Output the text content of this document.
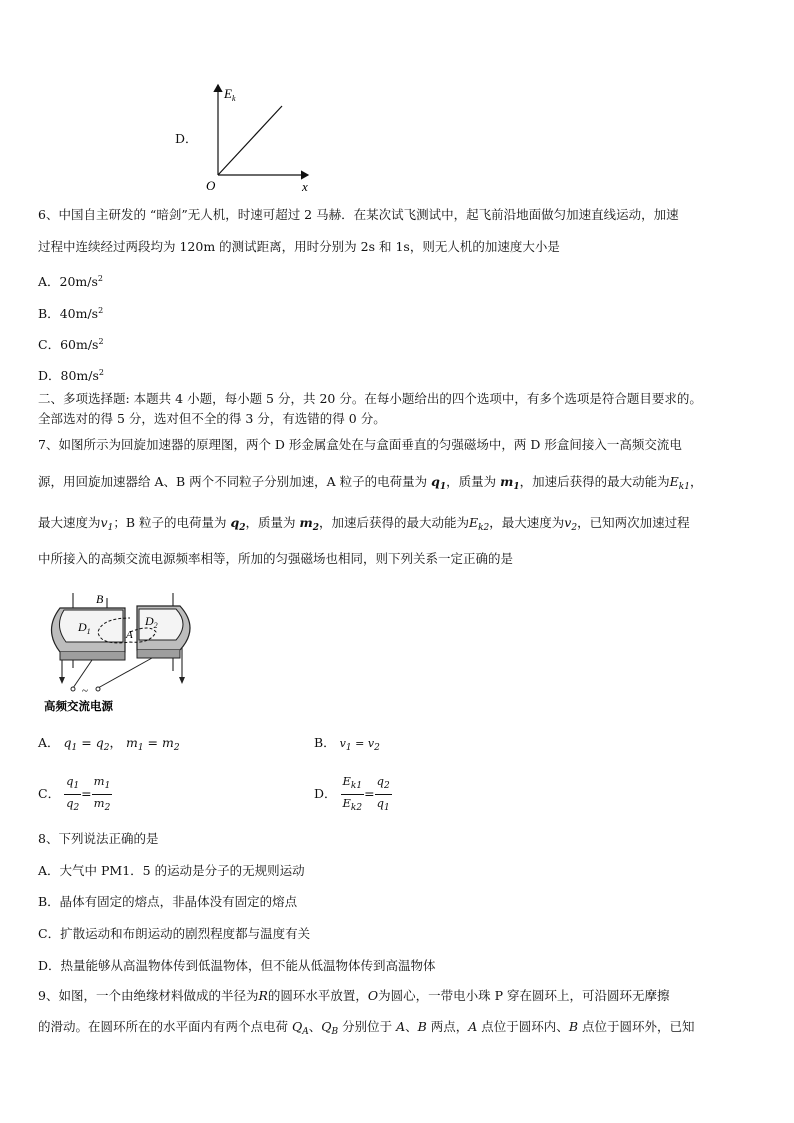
D．
$E_k$
O	x
6、中国自主研发的 “暗剑”无人机，时速可超过 2 马赫．在某次试飞测试中，起飞前沿地面做匀加速直线运动，加速
过程中连续经过两段均为 120m 的测试距离，用时分别为 2s 和 1s，则无人机的加速度大小是
A．$20m/s^2$
B．$40m/s^2$
C．$60m/s^2$
D．$80m/s^2$
二、多项选择题: 本题共 4 小题，每小题 5 分，共 20 分。在每小题给出的四个选项中，有多个选项是符合题目要求的。
全部选对的得 5 分，选对但不全的得 3 分，有选错的得 0 分。
7、如图所示为回旋加速器的原理图，两个 D 形金属盒处在与盒面垂直的匀强磁场中，两 D 形盒间接入一高频交流电
源，用回旋加速器给 A、B 两个不同粒子分别加速，A 粒子的电荷量为 $q_1$，质量为 $m_1$，加速后获得的最大动能为$E_{k1}$，
最大速度为$v_1$；B 粒子的电荷量为 $q_2$，质量为 $m_2$，加速后获得的最大动能为$E_{k2}$，最大速度为$v_2$，已知两次加速过程
中所接入的高频交流电源频率相等，所加的匀强磁场也相同，则下列关系一定正确的是
B
$D_1$	A
$D_2$
~
高频交流电源
A． $q_1 = q_2$， $m_1 = m_2$	B． $v_1 = v_2$
C． $\frac{q_1}{q_2} = \frac{m_1}{m_2}$	D． $\frac{E_{k1}}{E_{k2}} = \frac{q_2}{q_1}$
8、下列说法正确的是
A．大气中 PM1．5 的运动是分子的无规则运动
B．晶体有固定的熔点，非晶体没有固定的熔点
C．扩散运动和布朗运动的剧烈程度都与温度有关
D．热量能够从高温物体传到低温物体，但不能从低温物体传到高温物体
9、如图，一个由绝缘材料做成的半径为R的圆环水平放置，O为圆心，一带电小珠 P 穿在圆环上，可沿圆环无摩擦
的滑动。在圆环所在的水平面内有两个点电荷 $Q_A$、$Q_B$ 分别位于 A、B 两点，A 点位于圆环内、B 点位于圆环外，已知
